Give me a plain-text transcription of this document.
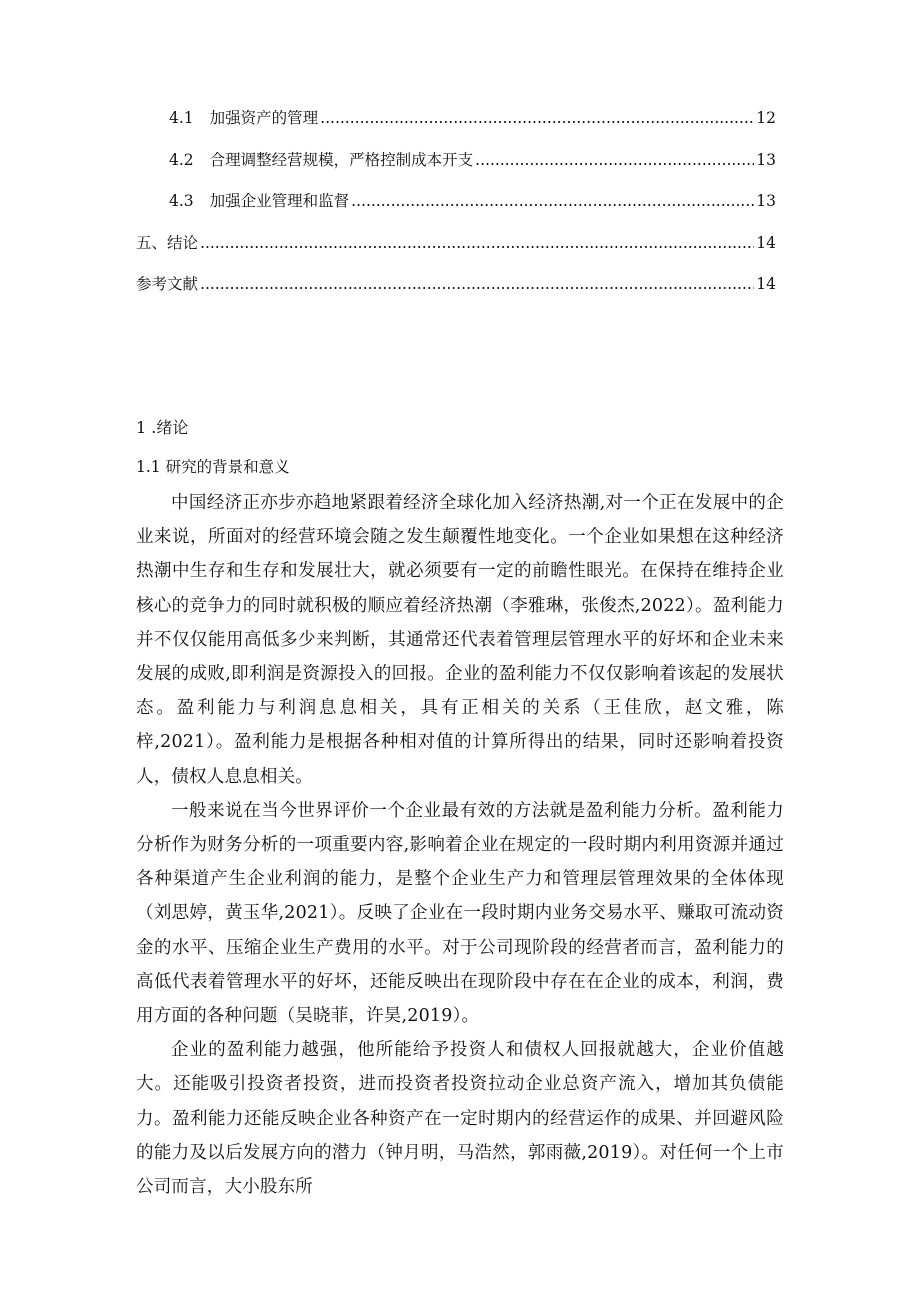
4.1 加强资产的管理 .....	12
4.2 合理调整经营规模，严格控制成本开支 .....	13
4.3 加强企业管理和监督 .....	13
五、结论 .....	14
参考文献 .....	14
1 .绪论
1.1 研究的背景和意义

中国经济正亦步亦趋地紧跟着经济全球化加入经济热潮,对一个正在发展中的企业来说，所面对的经营环境会随之发生颠覆性地变化。一个企业如果想在这种经济热潮中生存和生存和发展壮大，就必须要有一定的前瞻性眼光。在保持在维持企业核心的竞争力的同时就积极的顺应着经济热潮（李雅琳，张俊杰,2022）。盈利能力并不仅仅能用高低多少来判断，其通常还代表着管理层管理水平的好坏和企业未来发展的成败,即利润是资源投入的回报。企业的盈利能力不仅仅影响着该起的发展状态。盈利能力与利润息息相关，具有正相关的关系（王佳欣，赵文雅，陈梓,2021）。盈利能力是根据各种相对值的计算所得出的结果，同时还影响着投资人，债权人息息相关。

一般来说在当今世界评价一个企业最有效的方法就是盈利能力分析。盈利能力分析作为财务分析的一项重要内容,影响着企业在规定的一段时期内利用资源并通过各种渠道产生企业利润的能力，是整个企业生产力和管理层管理效果的全体体现（刘思婷，黄玉华,2021）。反映了企业在一段时期内业务交易水平、赚取可流动资金的水平、压缩企业生产费用的水平。对于公司现阶段的经营者而言，盈利能力的高低代表着管理水平的好坏，还能反映出在现阶段中存在在企业的成本，利润，费用方面的各种问题（吴晓菲，许昊,2019）。

企业的盈利能力越强，他所能给予投资人和债权人回报就越大，企业价值越大。还能吸引投资者投资，进而投资者投资拉动企业总资产流入，增加其负债能力。盈利能力还能反映企业各种资产在一定时期内的经营运作的成果、并回避风险的能力及以后发展方向的潜力（钟月明，马浩然，郭雨薇,2019）。对任何一个上市公司而言，大小股东所
